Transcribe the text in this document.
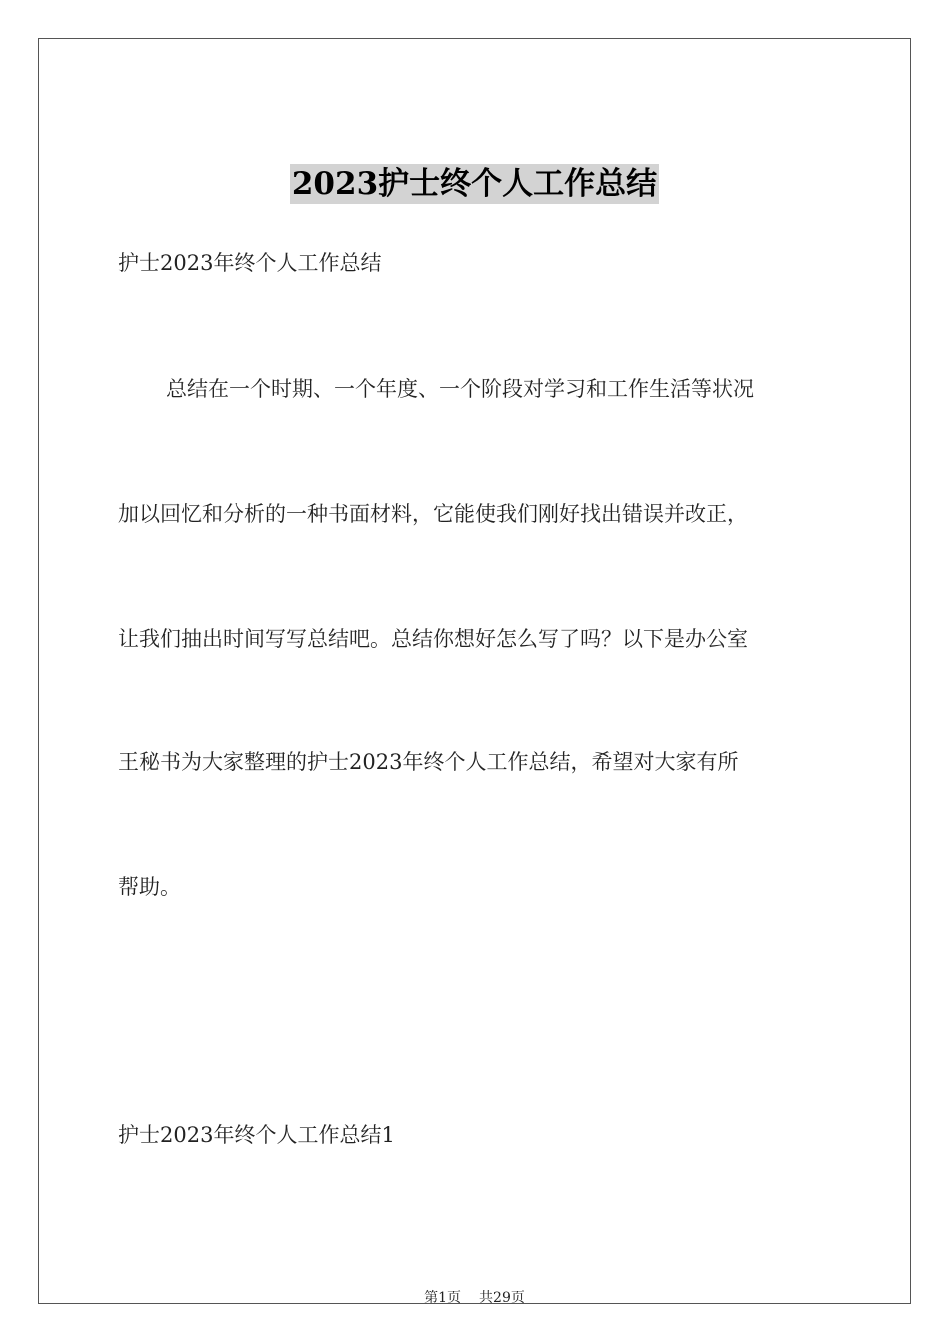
2023护士终个人工作总结
护士2023年终个人工作总结
总结在一个时期、一个年度、一个阶段对学习和工作生活等状况
加以回忆和分析的一种书面材料，它能使我们刚好找出错误并改正，
让我们抽出时间写写总结吧。总结你想好怎么写了吗？以下是办公室
王秘书为大家整理的护士2023年终个人工作总结，希望对大家有所
帮助。
护士2023年终个人工作总结1
第1页 共29页
